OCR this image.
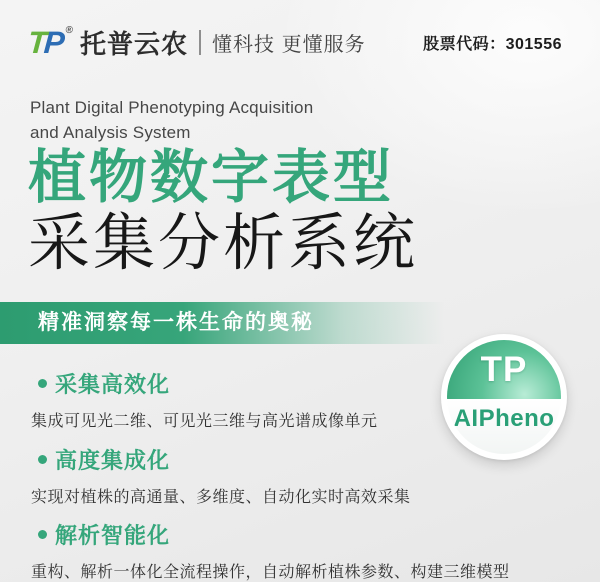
T
P ® 托普云农 懂科技 更懂服务	股票代码：301556
Plant Digital Phenotyping Acquisition
and Analysis System
植物数字表型
采集分析系统
精准洞察每一株生命的奥秘
TP
AIPheno
采集高效化
集成可见光二维、可见光三维与高光谱成像单元
高度集成化
实现对植株的高通量、多维度、自动化实时高效采集
解析智能化
重构、解析一体化全流程操作，自动解析植株参数、构建三维模型
